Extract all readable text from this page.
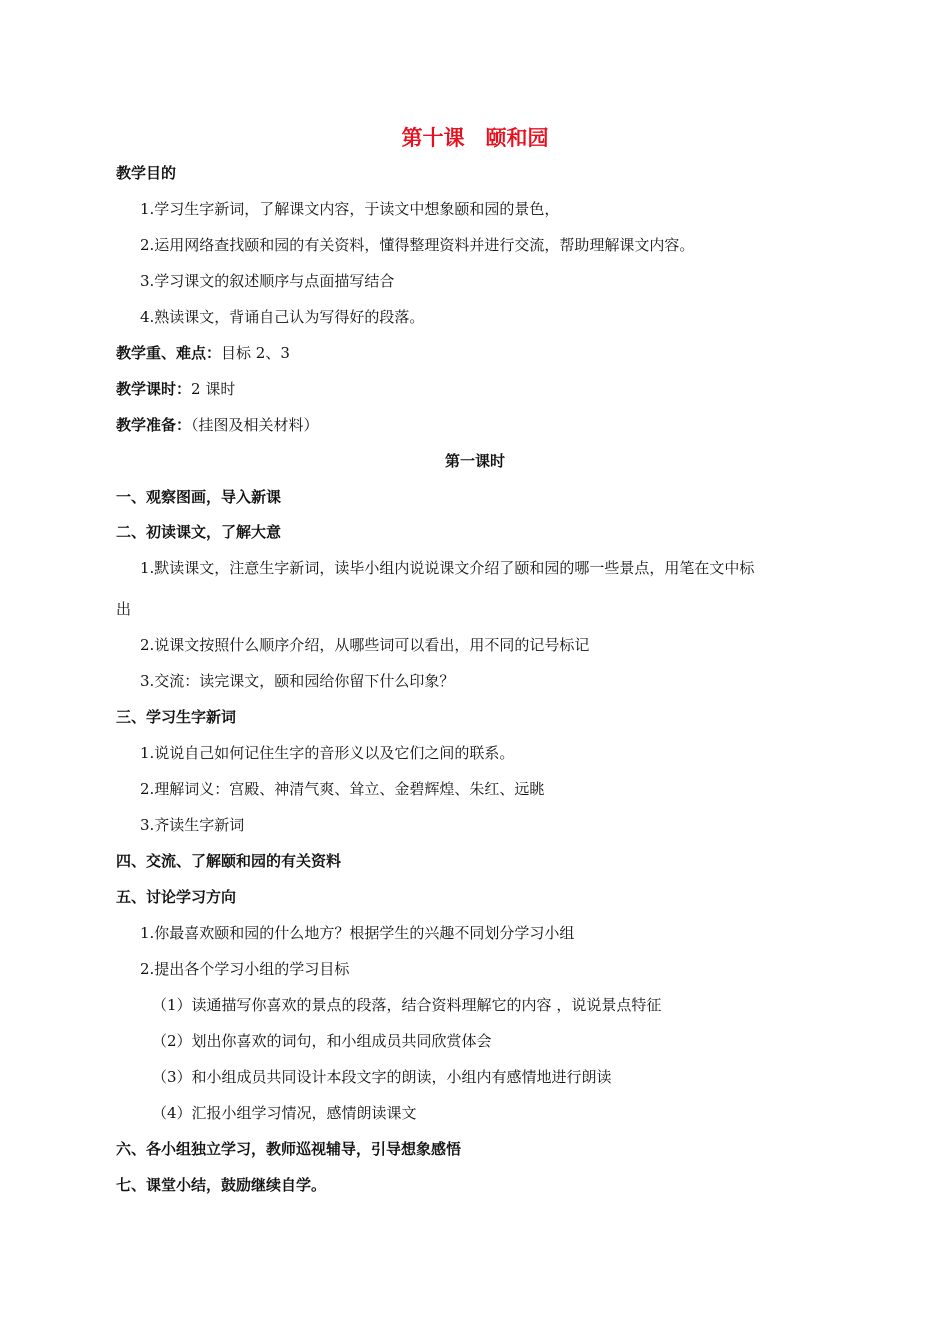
第十课　颐和园
教学目的
1.学习生字新词，了解课文内容，于读文中想象颐和园的景色，
2.运用网络查找颐和园的有关资料，懂得整理资料并进行交流，帮助理解课文内容。
3.学习课文的叙述顺序与点面描写结合
4.熟读课文，背诵自己认为写得好的段落。
教学重、难点：目标 2、3
教学课时：2 课时
教学准备：（挂图及相关材料）
第一课时
一、观察图画，导入新课
二、初读课文，了解大意
1.默读课文，注意生字新词，读毕小组内说说课文介绍了颐和园的哪一些景点，用笔在文中标
出
2.说课文按照什么顺序介绍，从哪些词可以看出，用不同的记号标记
3.交流：读完课文，颐和园给你留下什么印象？
三、学习生字新词
1.说说自己如何记住生字的音形义以及它们之间的联系。
2.理解词义：宫殿、神清气爽、耸立、金碧辉煌、朱红、远眺
3.齐读生字新词
四、交流、了解颐和园的有关资料
五、讨论学习方向
1.你最喜欢颐和园的什么地方？根据学生的兴趣不同划分学习小组
2.提出各个学习小组的学习目标
（1）读通描写你喜欢的景点的段落，结合资料理解它的内容 ，说说景点特征
（2）划出你喜欢的词句，和小组成员共同欣赏体会
（3）和小组成员共同设计本段文字的朗读，小组内有感情地进行朗读
（4）汇报小组学习情况，感情朗读课文
六、各小组独立学习，教师巡视辅导，引导想象感悟
七、课堂小结，鼓励继续自学。
